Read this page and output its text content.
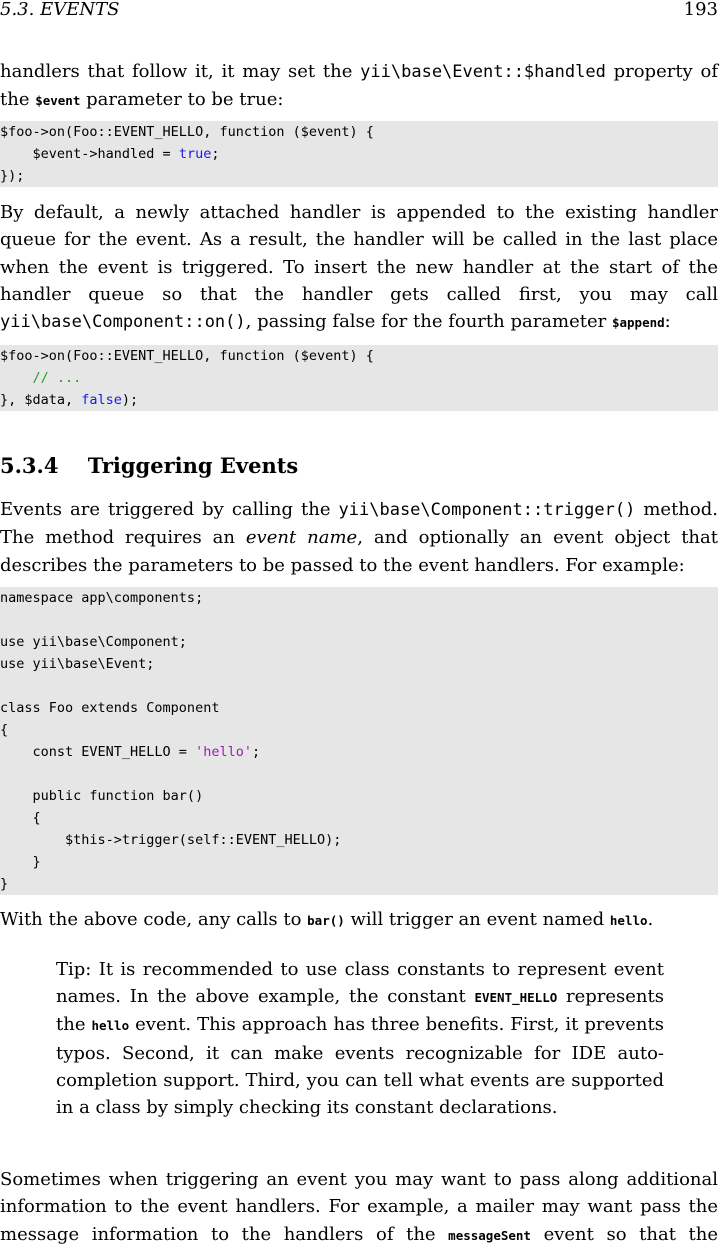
5.3. EVENTS	193

handlers that follow it, it may set the yii\base\Event::$handled property of the $event parameter to be true:

$foo->on(Foo::EVENT_HELLO, function ($event) {
$event->handled = true;
});

By default, a newly attached handler is appended to the existing handler queue for the event. As a result, the handler will be called in the last place when the event is triggered. To insert the new handler at the start of the handler queue so that the handler gets called first, you may call yii\base\Component::on(), passing false for the fourth parameter $append:

$foo->on(Foo::EVENT_HELLO, function ($event) {
// ...
}, $data, false);
5.3.4 Triggering Events

Events are triggered by calling the yii\base\Component::trigger() method. The method requires an event name, and optionally an event object that describes the parameters to be passed to the event handlers. For example:

namespace app\components;
use yii\base\Component;
use yii\base\Event;
class Foo extends Component
{
const EVENT_HELLO = 'hello';
public function bar()
{
$this->trigger(self::EVENT_HELLO);
}
}

With the above code, any calls to bar() will trigger an event named hello.

Tip: It is recommended to use class constants to represent event names. In the above example, the constant EVENT_HELLO represents the hello event. This approach has three benefits. First, it prevents typos. Second, it can make events recognizable for IDE auto-completion support. Third, you can tell what events are supported in a class by simply checking its constant declarations.

Sometimes when triggering an event you may want to pass along additional information to the event handlers. For example, a mailer may want pass the message information to the handlers of the messageSent event so that the
